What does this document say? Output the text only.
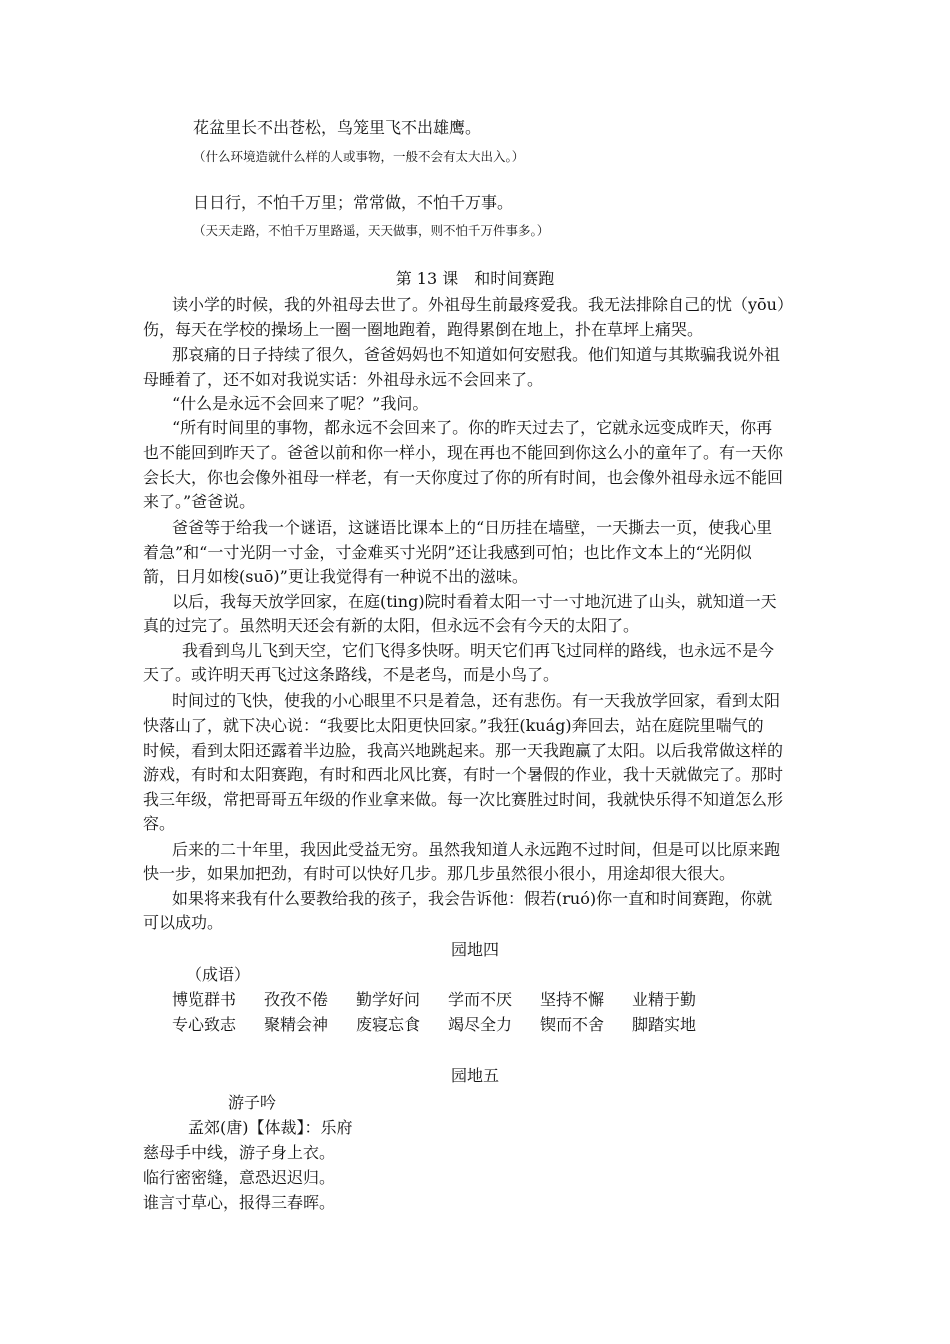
花盆里长不出苍松，鸟笼里飞不出雄鹰。
（什么环境造就什么样的人或事物，一般不会有太大出入。）
日日行，不怕千万里；常常做，不怕千万事。
（天天走路，不怕千万里路遥，天天做事，则不怕千万件事多。）
第 13 课　和时间赛跑
读小学的时候，我的外祖母去世了。外祖母生前最疼爱我。我无法排除自己的忧（yōu）
伤，每天在学校的操场上一圈一圈地跑着，跑得累倒在地上，扑在草坪上痛哭。
那哀痛的日子持续了很久，爸爸妈妈也不知道如何安慰我。他们知道与其欺骗我说外祖
母睡着了，还不如对我说实话：外祖母永远不会回来了。
“什么是永远不会回来了呢？”我问。
“所有时间里的事物，都永远不会回来了。你的昨天过去了，它就永远变成昨天，你再
也不能回到昨天了。爸爸以前和你一样小，现在再也不能回到你这么小的童年了。有一天你
会长大，你也会像外祖母一样老，有一天你度过了你的所有时间，也会像外祖母永远不能回
来了。”爸爸说。
爸爸等于给我一个谜语，这谜语比课本上的“日历挂在墙壁，一天撕去一页，使我心里
着急”和“一寸光阴一寸金，寸金难买寸光阴”还让我感到可怕；也比作文本上的“光阴似
箭，日月如梭(suō)”更让我觉得有一种说不出的滋味。
以后，我每天放学回家，在庭(ting)院时看着太阳一寸一寸地沉进了山头，就知道一天
真的过完了。虽然明天还会有新的太阳，但永远不会有今天的太阳了。
我看到鸟儿飞到天空，它们飞得多快呀。明天它们再飞过同样的路线，也永远不是今
天了。或许明天再飞过这条路线，不是老鸟，而是小鸟了。
时间过的飞快，使我的小心眼里不只是着急，还有悲伤。有一天我放学回家，看到太阳
快落山了，就下决心说：“我要比太阳更快回家。”我狂(kuág)奔回去，站在庭院里喘气的
时候，看到太阳还露着半边脸，我高兴地跳起来。那一天我跑赢了太阳。以后我常做这样的
游戏，有时和太阳赛跑，有时和西北风比赛，有时一个暑假的作业，我十天就做完了。那时
我三年级，常把哥哥五年级的作业拿来做。每一次比赛胜过时间，我就快乐得不知道怎么形
容。
后来的二十年里，我因此受益无穷。虽然我知道人永远跑不过时间，但是可以比原来跑
快一步，如果加把劲，有时可以快好几步。那几步虽然很小很小，用途却很大很大。
如果将来我有什么要教给我的孩子，我会告诉他：假若(ruó)你一直和时间赛跑，你就
可以成功。
园地四
（成语）
博览群书 孜孜不倦 勤学好问 学而不厌 坚持不懈 业精于勤
专心致志 聚精会神 废寝忘食 竭尽全力 锲而不舍 脚踏实地
园地五
游子吟
孟郊(唐)【体裁】：乐府
慈母手中线，游子身上衣。
临行密密缝，意恐迟迟归。
谁言寸草心，报得三春晖。
